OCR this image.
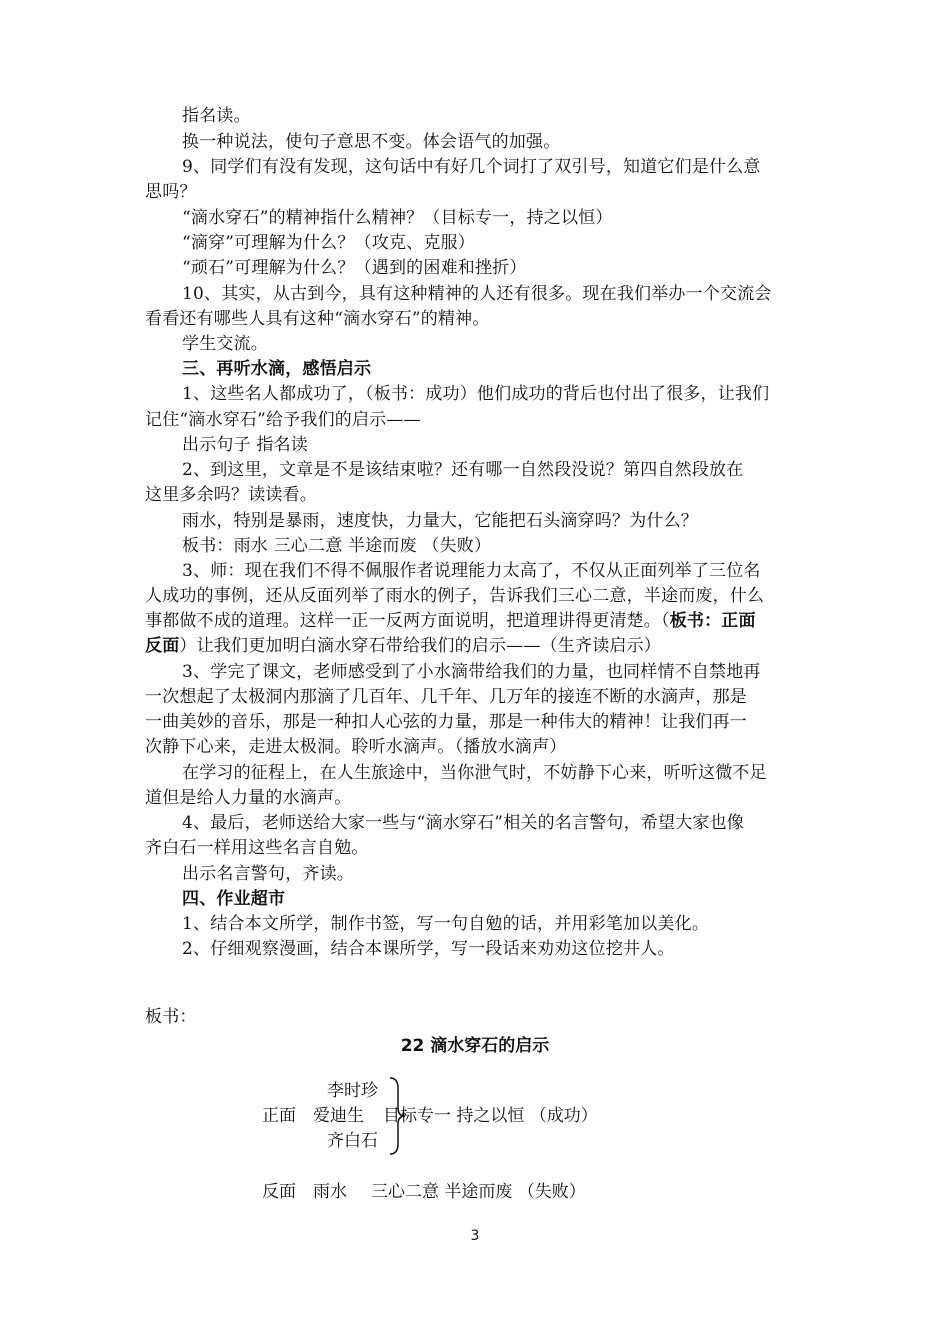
指名读。
换一种说法，使句子意思不变。体会语气的加强。
9、同学们有没有发现，这句话中有好几个词打了双引号，知道它们是什么意
思吗？
“滴水穿石”的精神指什么精神？（目标专一，持之以恒）
“滴穿”可理解为什么？（攻克、克服）
“顽石”可理解为什么？（遇到的困难和挫折）
10、其实，从古到今，具有这种精神的人还有很多。现在我们举办一个交流会
看看还有哪些人具有这种“滴水穿石”的精神。
学生交流。
三、再听水滴，感悟启示
1、这些名人都成功了，（板书：成功）他们成功的背后也付出了很多，让我们
记住“滴水穿石”给予我们的启示——
出示句子 指名读
2、到这里，文章是不是该结束啦？还有哪一自然段没说？第四自然段放在
这里多余吗？读读看。
雨水，特别是暴雨，速度快，力量大，它能把石头滴穿吗？为什么？
板书：雨水 三心二意 半途而废 （失败）
3、师：现在我们不得不佩服作者说理能力太高了，不仅从正面列举了三位名
人成功的事例，还从反面列举了雨水的例子，告诉我们三心二意，半途而废，什么
事都做不成的道理。这样一正一反两方面说明，把道理讲得更清楚。（板书：正面
反面）让我们更加明白滴水穿石带给我们的启示——（生齐读启示）
3、学完了课文，老师感受到了小水滴带给我们的力量，也同样情不自禁地再
一次想起了太极洞内那滴了几百年、几千年、几万年的接连不断的水滴声，那是
一曲美妙的音乐，那是一种扣人心弦的力量，那是一种伟大的精神！让我们再一
次静下心来，走进太极洞。聆听水滴声。（播放水滴声）
在学习的征程上，在人生旅途中，当你泄气时，不妨静下心来，听听这微不足
道但是给人力量的水滴声。
4、最后，老师送给大家一些与“滴水穿石”相关的名言警句，希望大家也像
齐白石一样用这些名言自勉。
出示名言警句，齐读。
四、作业超市
1、结合本文所学，制作书签，写一句自勉的话，并用彩笔加以美化。
2、仔细观察漫画，结合本课所学，写一段话来劝劝这位挖井人。
板书：
22 滴水穿石的启示
李时珍
正面 爱迪生 目标专一 持之以恒 （成功）
齐白石
反面 雨水 三心二意 半途而废 （失败）
3
